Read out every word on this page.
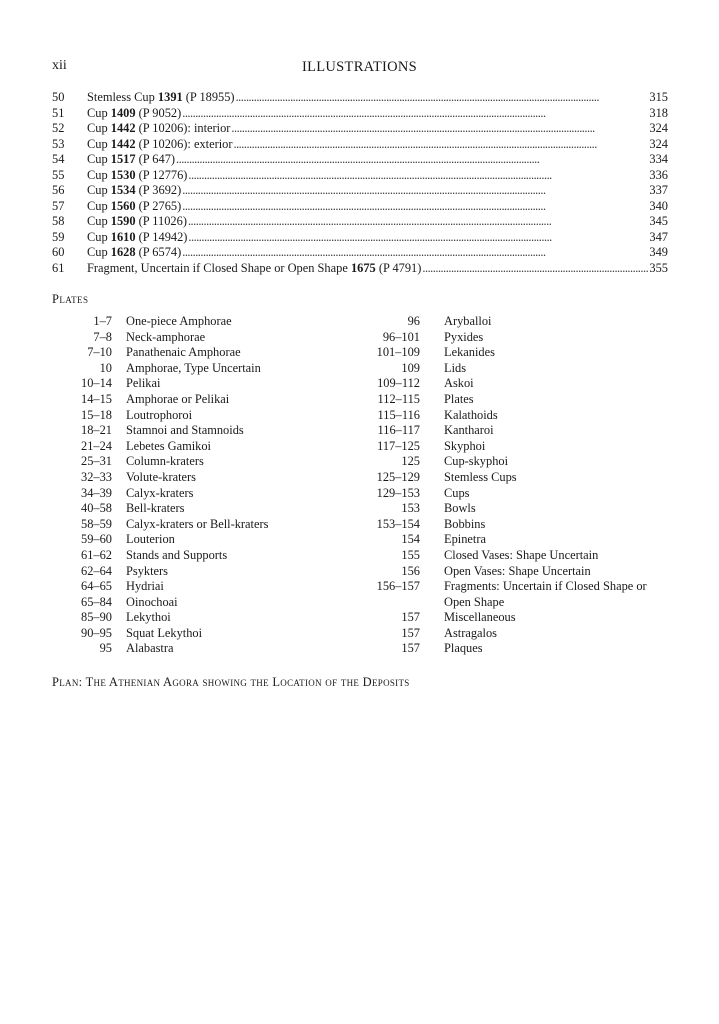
xii	ILLUSTRATIONS
50	Stemless Cup 1391 (P 18955) . . .	315
51	Cup 1409 (P 9052) . . .	318
52	Cup 1442 (P 10206): interior . . .	324
53	Cup 1442 (P 10206): exterior . . .	324
54	Cup 1517 (P 647) . . .	334
55	Cup 1530 (P 12776) . . .	336
56	Cup 1534 (P 3692) . . .	337
57	Cup 1560 (P 2765) . . .	340
58	Cup 1590 (P 11026) . . .	345
59	Cup 1610 (P 14942) . . .	347
60	Cup 1628 (P 6574) . . .	349
61	Fragment, Uncertain if Closed Shape or Open Shape 1675 (P 4791) . . .	355
Plates
1–7 One-piece Amphorae
7–8 Neck-amphorae
7–10 Panathenaic Amphorae
10 Amphorae, Type Uncertain
10–14 Pelikai
14–15 Amphorae or Pelikai
15–18 Loutrophoroi
18–21 Stamnoi and Stamnoids
21–24 Lebetes Gamikoi
25–31 Column-kraters
32–33 Volute-kraters
34–39 Calyx-kraters
40–58 Bell-kraters
58–59 Calyx-kraters or Bell-kraters
59–60 Louterion
61–62 Stands and Supports
62–64 Psykters
64–65 Hydriai
65–84 Oinochoai
85–90 Lekythoi
90–95 Squat Lekythoi
95 Alabastra
96 Aryballoi
96–101 Pyxides
101–109 Lekanides
109 Lids
109–112 Askoi
112–115 Plates
115–116 Kalathoids
116–117 Kantharoi
117–125 Skyphoi
125 Cup-skyphoi
125–129 Stemless Cups
129–153 Cups
153 Bowls
153–154 Bobbins
154 Epinetra
155 Closed Vases: Shape Uncertain
156 Open Vases: Shape Uncertain
156–157 Fragments: Uncertain if Closed Shape or Open Shape
157 Miscellaneous
157 Astragalos
157 Plaques
Plan: The Athenian Agora showing the Location of the Deposits
